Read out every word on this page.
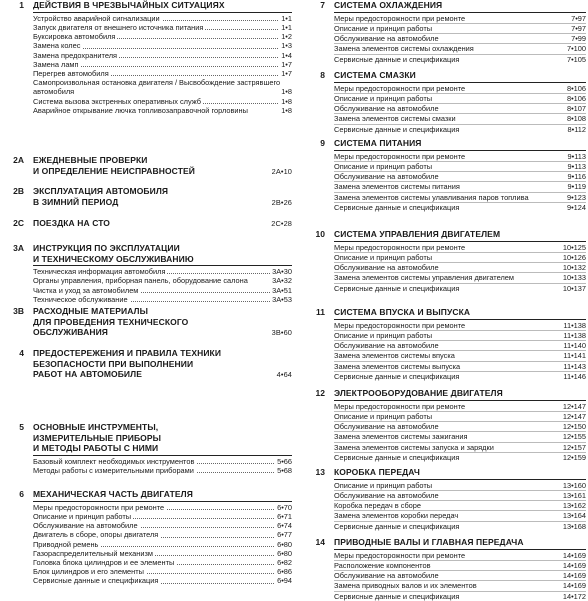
1 ДЕЙСТВИЯ В ЧРЕЗВЫЧАЙНЫХ СИТУАЦИЯХ
Устройство аварийной сигнализации	1•1
Запуск двигателя от внешнего источника питания	1•1
Буксировка автомобиля	1•2
Замена колес	1•3
Замена предохранителя	1•4
Замена ламп	1•7
Перегрев автомобиля	1•7
Самопроизвольная остановка двигателя / Высвобождение застрявшего автомобиля	1•8
Система вызова экстренных оперативных служб	1•8
Аварийное открывание лючка топливозаправочной горловины	1•8
2A ЕЖЕДНЕВНЫЕ ПРОВЕРКИ
И ОПРЕДЕЛЕНИЕ НЕИСПРАВНОСТЕЙ	2A•10
2B ЭКСПЛУАТАЦИЯ АВТОМОБИЛЯ
В ЗИМНИЙ ПЕРИОД	2B•26
2C ПОЕЗДКА НА СТО	2C•28
3A ИНСТРУКЦИЯ ПО ЭКСПЛУАТАЦИИ
И ТЕХНИЧЕСКОМУ ОБСЛУЖИВАНИЮ
Техническая информация автомобиля	3A•30
Органы управления, приборная панель, оборудование салона	3A•32
Чистка и уход за автомобилем	3A•51
Техническое обслуживание	3A•53
3B РАСХОДНЫЕ МАТЕРИАЛЫ
ДЛЯ ПРОВЕДЕНИЯ ТЕХНИЧЕСКОГО
ОБСЛУЖИВАНИЯ	3B•60
4 ПРЕДОСТЕРЕЖЕНИЯ И ПРАВИЛА ТЕХНИКИ
БЕЗОПАСНОСТИ ПРИ ВЫПОЛНЕНИИ
РАБОТ НА АВТОМОБИЛЕ	4•64
5 ОСНОВНЫЕ ИНСТРУМЕНТЫ,
ИЗМЕРИТЕЛЬНЫЕ ПРИБОРЫ
И МЕТОДЫ РАБОТЫ С НИМИ
Базовый комплект необходимых инструментов	5•66
Методы работы с измерительными приборами	5•68
6 МЕХАНИЧЕСКАЯ ЧАСТЬ ДВИГАТЕЛЯ
Меры предосторожности при ремонте	6•70
Описание и принцип работы	6•71
Обслуживание на автомобиле	6•74
Двигатель в сборе, опоры двигателя	6•77
Приводной ремень	6•80
Газораспределительный механизм	6•80
Головка блока цилиндров и ее элементы	6•82
Блок цилиндров и его элементы	6•86
Сервисные данные и спецификация	6•94
7 СИСТЕМА ОХЛАЖДЕНИЯ
Меры предосторожности при ремонте	7•97
Описание и принцип работы	7•97
Обслуживание на автомобиле	7•99
Замена элементов системы охлаждения	7•100
Сервисные данные и спецификация	7•105
8 СИСТЕМА СМАЗКИ
Меры предосторожности при ремонте	8•106
Описание и принцип работы	8•106
Обслуживание на автомобиле	8•107
Замена элементов системы смазки	8•108
Сервисные данные и спецификация	8•112
9 СИСТЕМА ПИТАНИЯ
Меры предосторожности при ремонте	9•113
Описание и принцип работы	9•113
Обслуживание на автомобиле	9•116
Замена элементов системы питания	9•119
Замена элементов системы улавливания паров топлива	9•123
Сервисные данные и спецификация	9•124
10 СИСТЕМА УПРАВЛЕНИЯ ДВИГАТЕЛЕМ
Меры предосторожности при ремонте	10•125
Описание и принцип работы	10•126
Обслуживание на автомобиле	10•132
Замена элементов системы управления двигателем	10•133
Сервисные данные и спецификация	10•137
11 СИСТЕМА ВПУСКА И ВЫПУСКА
Меры предосторожности при ремонте	11•138
Описание и принцип работы	11•138
Обслуживание на автомобиле	11•140
Замена элементов системы впуска	11•141
Замена элементов системы выпуска	11•143
Сервисные данные и спецификация	11•146
12 ЭЛЕКТРООБОРУДОВАНИЕ ДВИГАТЕЛЯ
Меры предосторожности при ремонте	12•147
Описание и принцип работы	12•147
Обслуживание на автомобиле	12•150
Замена элементов системы зажигания	12•155
Замена элементов системы запуска и зарядки	12•157
Сервисные данные и спецификация	12•159
13 КОРОБКА ПЕРЕДАЧ
Описание и принцип работы	13•160
Обслуживание на автомобиле	13•161
Коробка передач в сборе	13•162
Замена элементов коробки передач	13•164
Сервисные данные и спецификация	13•168
14 ПРИВОДНЫЕ ВАЛЫ И ГЛАВНАЯ ПЕРЕДАЧА
Меры предосторожности при ремонте	14•169
Расположение компонентов	14•169
Обслуживание на автомобиле	14•169
Замена приводных валов и их элементов	14•169
Сервисные данные и спецификация	14•172
